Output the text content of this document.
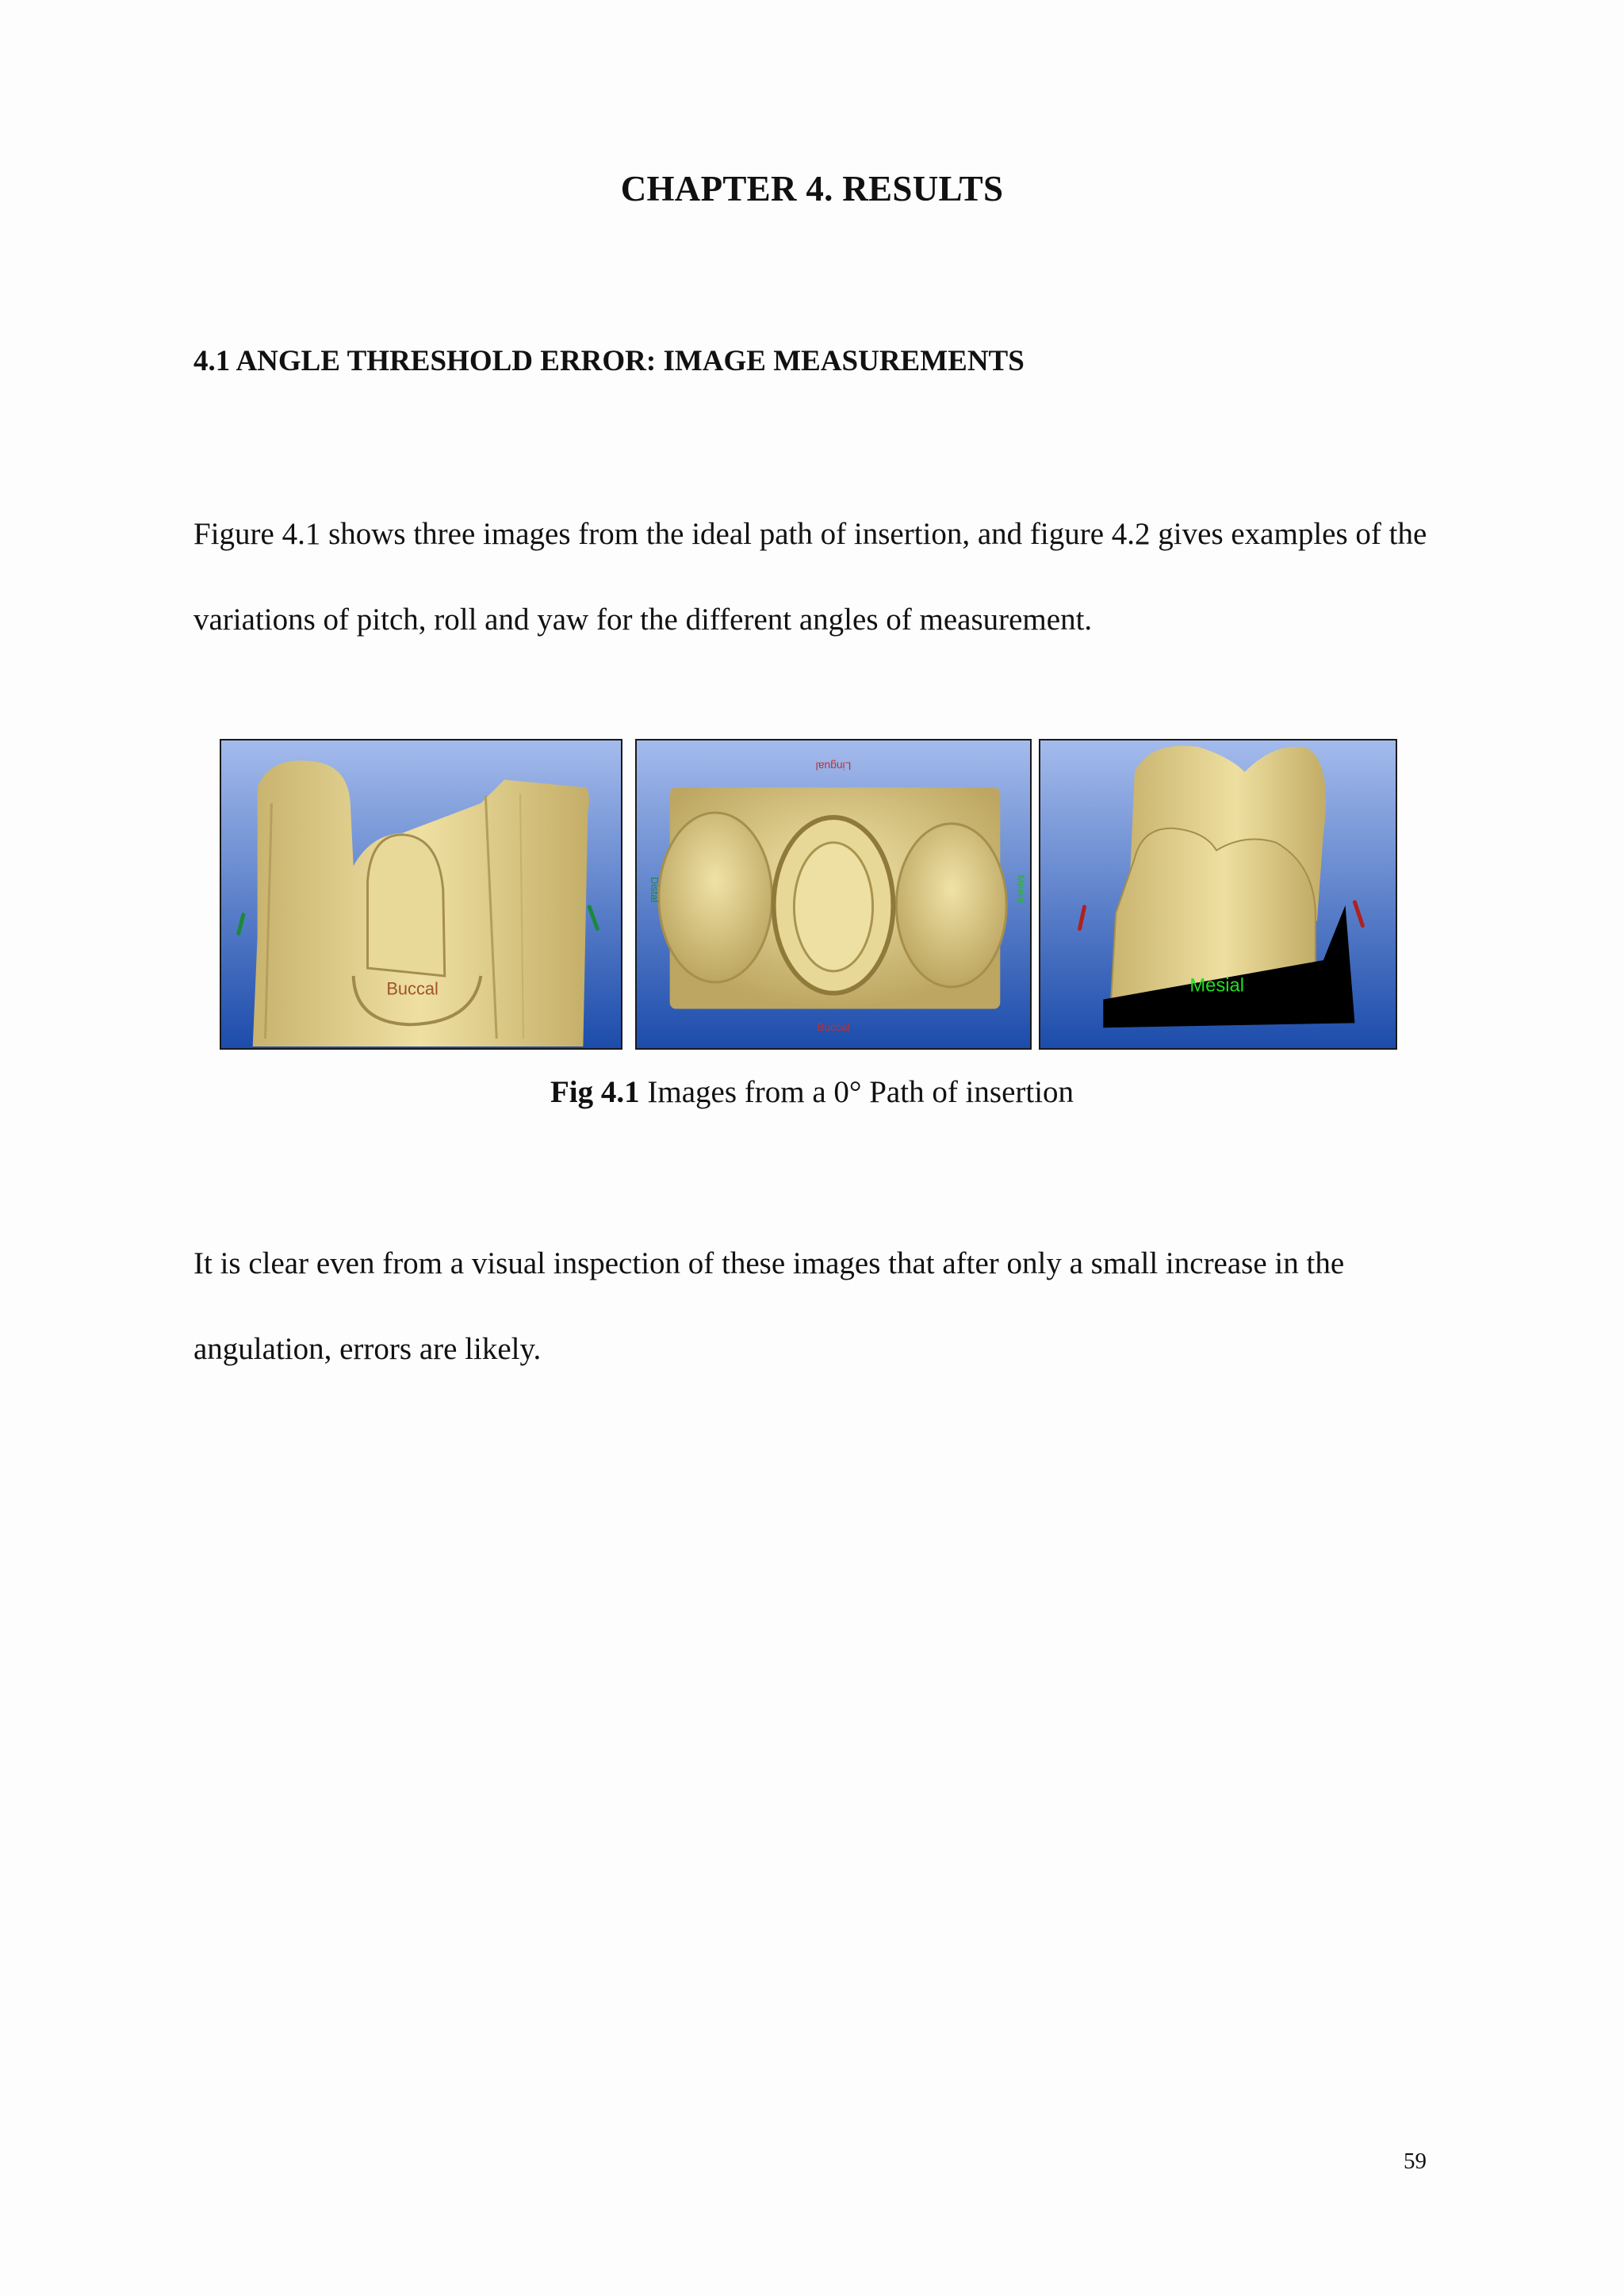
CHAPTER 4. RESULTS
4.1 ANGLE THRESHOLD ERROR: IMAGE MEASUREMENTS

Figure 4.1 shows three images from the ideal path of insertion, and figure 4.2 gives examples of the variations of pitch, roll and yaw for the different angles of measurement.

Buccal
Lingual
Buccal
Distal	Mesial
Mesial

Fig 4.1 Images from a 0° Path of insertion

It is clear even from a visual inspection of these images that after only a small increase in the angulation, errors are likely.

59
